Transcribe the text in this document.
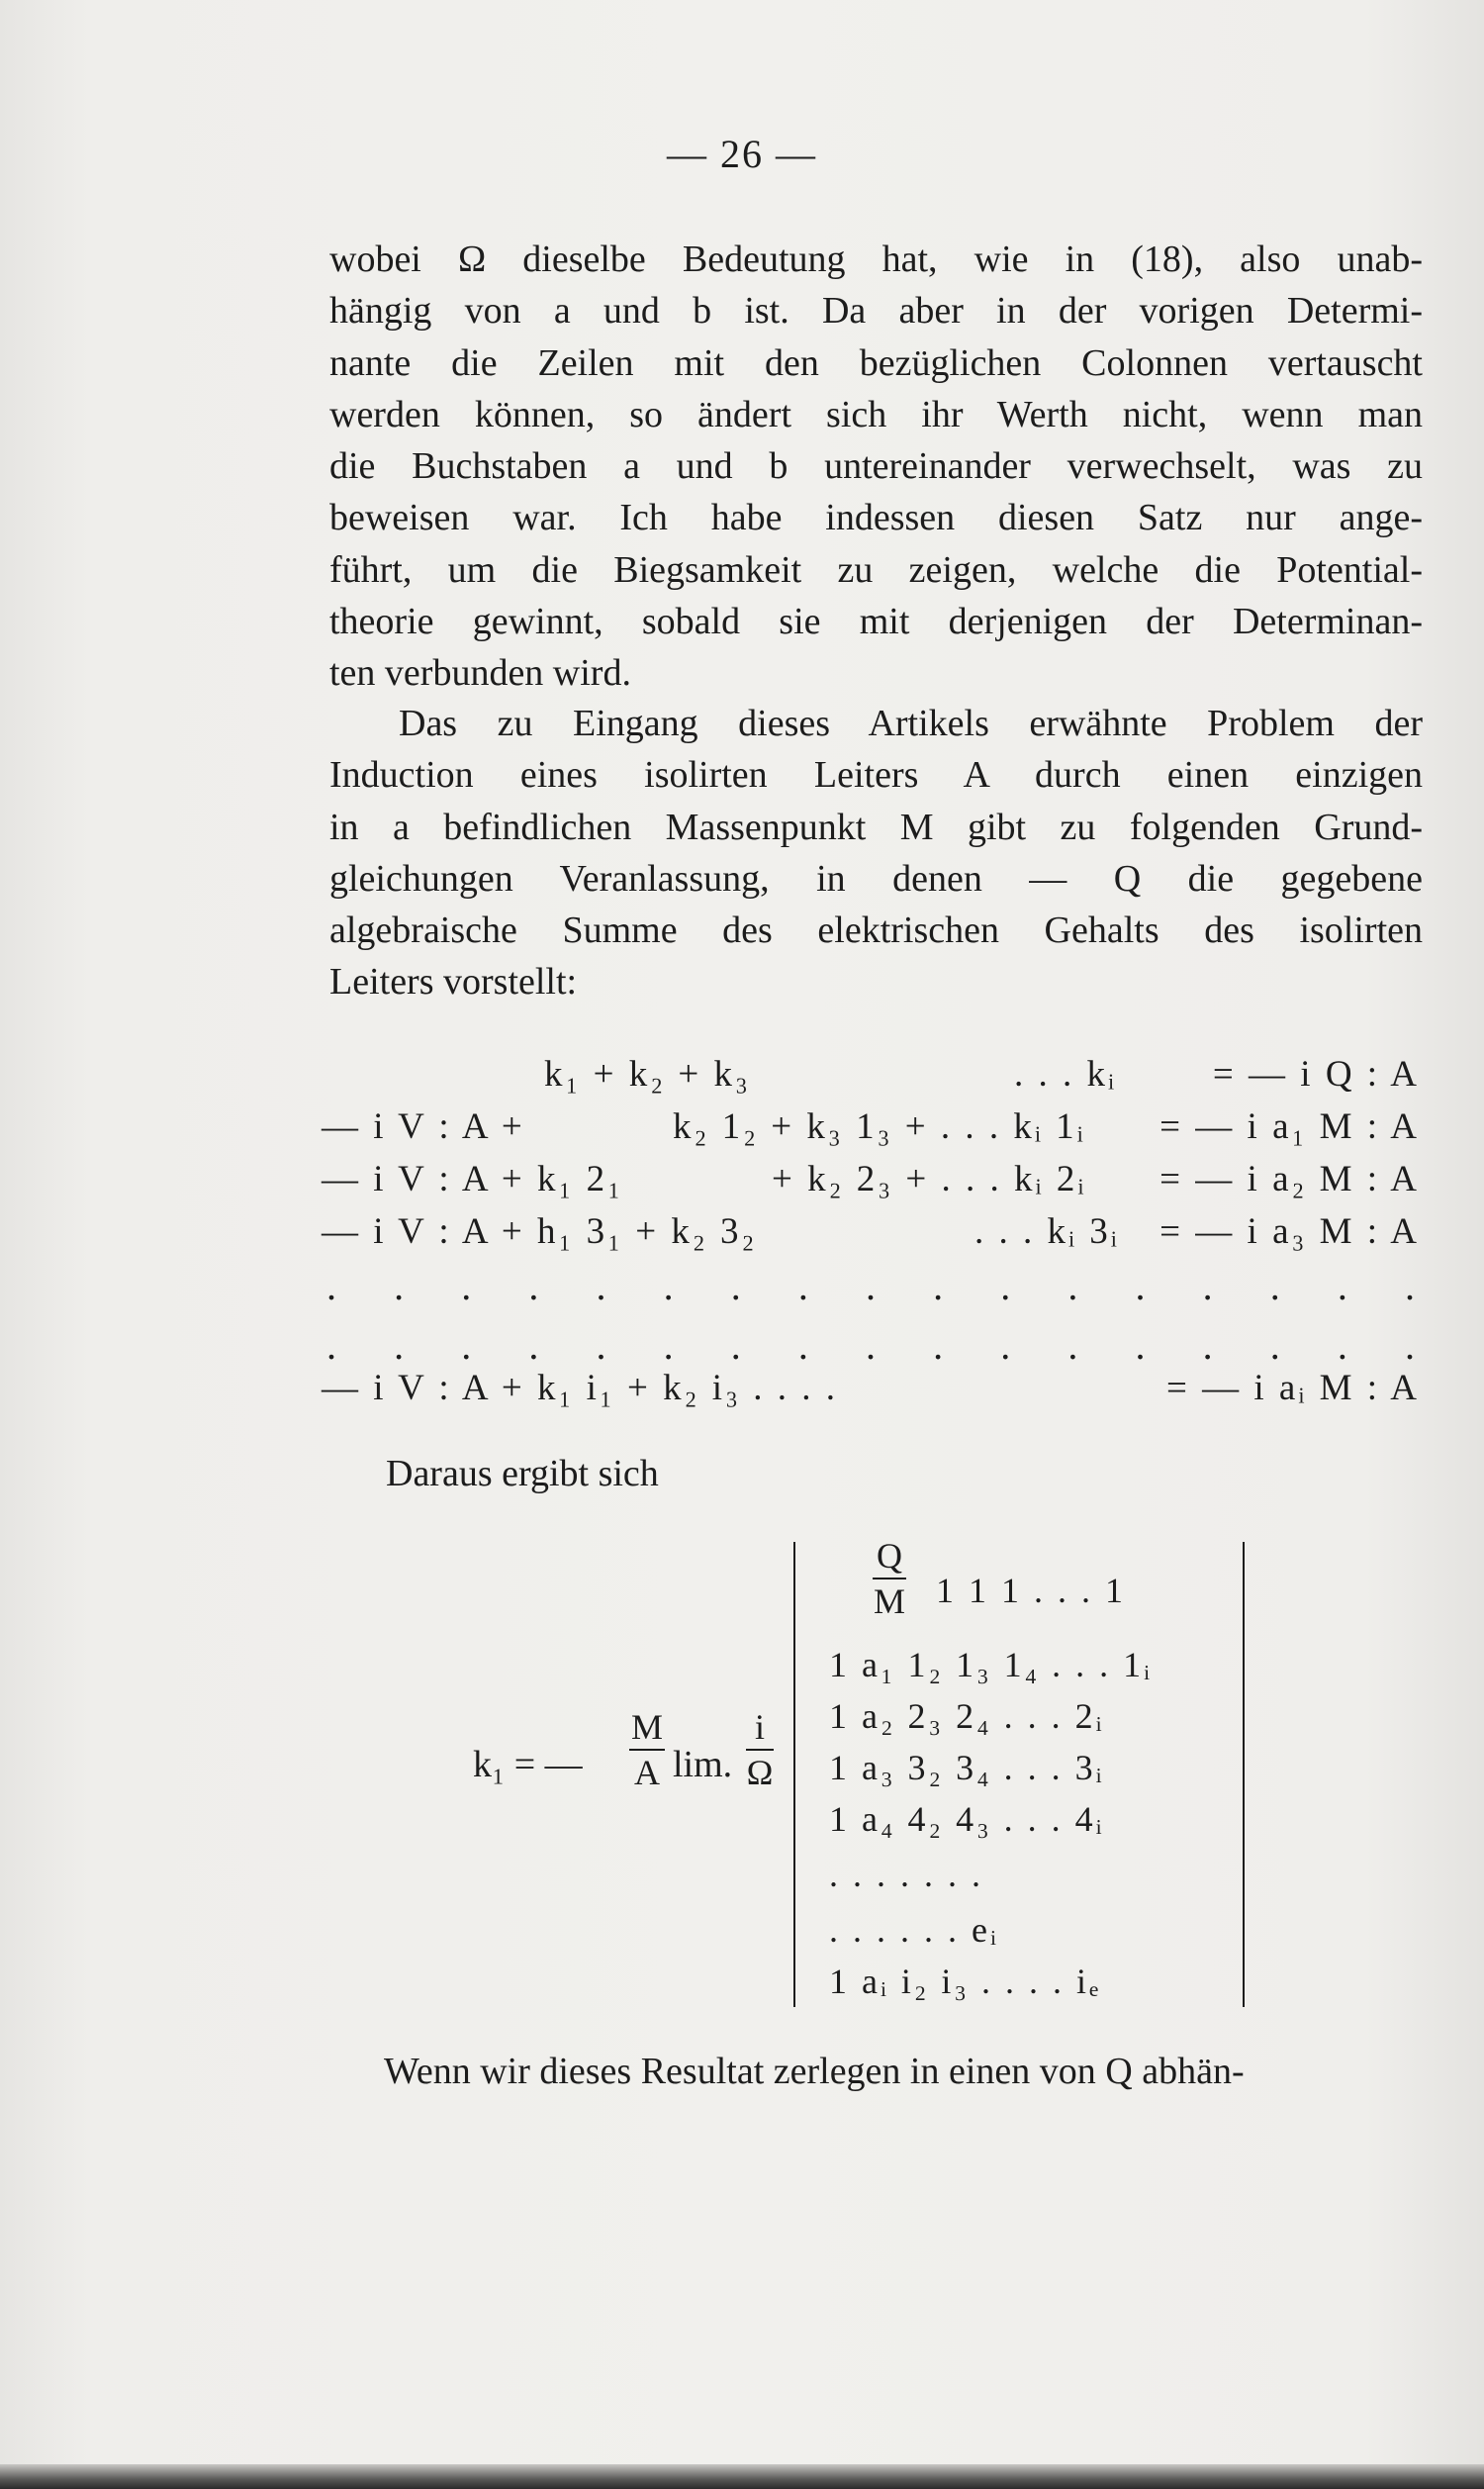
— 26 —
wobei Ω dieselbe Bedeutung hat, wie in (18), also unab-
hängig von a und b ist. Da aber in der vorigen Determi-
nante die Zeilen mit den bezüglichen Colonnen vertauscht
werden können, so ändert sich ihr Werth nicht, wenn man
die Buchstaben a und b untereinander verwechselt, was zu
beweisen war. Ich habe indessen diesen Satz nur ange-
führt, um die Biegsamkeit zu zeigen, welche die Potential-
theorie gewinnt, sobald sie mit derjenigen der Determinan-
ten verbunden wird.
Das zu Eingang dieses Artikels erwähnte Problem der
Induction eines isolirten Leiters A durch einen einzigen
in a befindlichen Massenpunkt M gibt zu folgenden Grund-
gleichungen Veranlassung, in denen — Q die gegebene
algebraische Summe des elektrischen Gehalts des isolirten
Leiters vorstellt:
k₁ + k₂ + k₃	. . . kᵢ	= — i Q : A
— i V : A +	k₂ 1₂ + k₃ 1₃ + . . . kᵢ 1ᵢ = — i a₁ M : A
— i V : A + k₁ 2₁	+ k₂ 2₃ + . . . kᵢ 2ᵢ = — i a₂ M : A
— i V : A + h₁ 3₁ + k₂ 3₂	. . . kᵢ 3ᵢ = — i a₃ M : A
. . . . . . . . . . . . . . . . .
. . . . . . . . . . . . . . . . .
— i V : A + k₁ i₁ + k₂ i₃ . . . .	= — i aᵢ M : A
Daraus ergibt sich
k₁ = —
M
A lim.
i
Ω
Q
M 1 1 1 . . . 1
1 a₁ 1₂ 1₃ 1₄ . . . 1ᵢ
1 a₂ 2₃ 2₄ . . . 2ᵢ
1 a₃ 3₂ 3₄ . . . 3ᵢ
1 a₄ 4₂ 4₃ . . . 4ᵢ
. . . . . . .
. . . . . . eᵢ
1 aᵢ i₂ i₃ . . . . iₑ
Wenn wir dieses Resultat zerlegen in einen von Q abhän-
